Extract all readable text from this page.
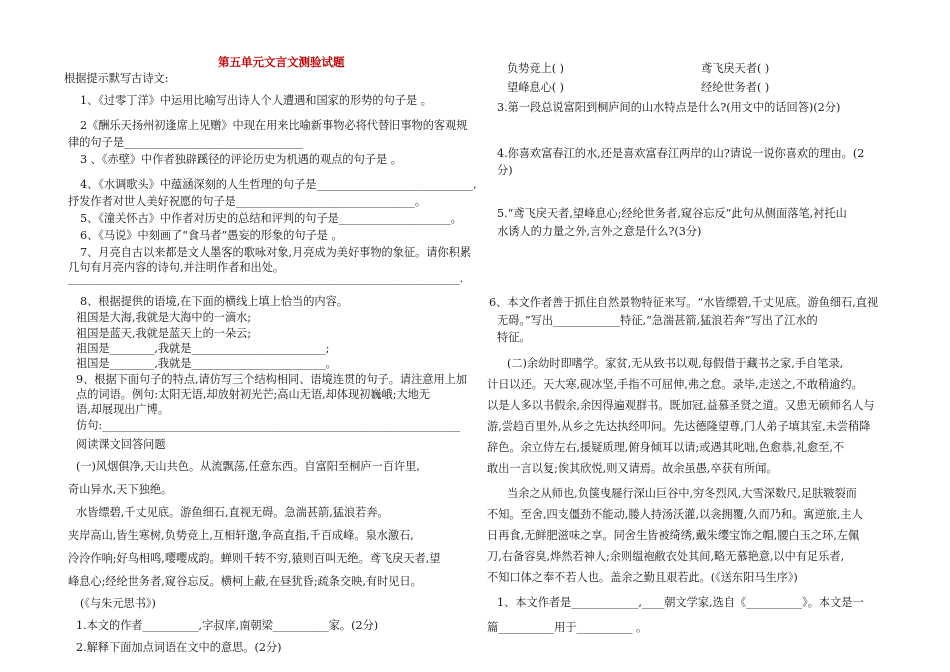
第五单元文言文测验试题
根据提示默写古诗文:
1、《过零丁洋》中运用比喻写出诗人个人遭遇和国家的形势的句子是 。
2《酬乐天扬州初逢席上见赠》中现在用来比喻新事物必将代替旧事物的客观规
律的句子是________________________________
3 、《赤壁》中作者独辟蹊径的评论历史为机遇的观点的句子是 。
4、《水调歌头》中蕴涵深刻的人生哲理的句子是____________________________,
抒发作者对世人美好祝愿的句子是________________________________。
5、《潼关怀古》中作者对历史的总结和评判的句子是____________________。
6、《马说》中刻画了“食马者”愚妄的形象的句子是 。
7、月亮自古以来都是文人墨客的歌咏对象,月亮成为美好事物的象征。请你积累
几句有月亮内容的诗句,并注明作者和出处。
______________________________________________________________________.
8、根据提供的语境,在下面的横线上填上恰当的内容。
祖国是大海,我就是大海中的一滴水;
祖国是蓝天,我就是蓝天上的一朵云;
祖国是________,我就是________________________;
祖国是________,我就是________________________。
9、根据下面句子的特点,请仿写三个结构相同、语境连贯的句子。请注意用上加
点的词语。例句:太阳无语,却放射初光芒;高山无语,却体现初巍峨;大地无
语,却展现出广博。
仿句:________________________________________________________________
阅读课文回答问题
(一)风烟俱净,天山共色。从流飘荡,任意东西。自富阳至桐庐一百许里,
奇山异水,天下独绝。
水皆缥碧,千丈见底。游鱼细石,直视无碍。急湍甚箭,猛浪若奔。
夹岸高山,皆生寒树,负势竞上,互相轩邈,争高直指,千百成峰。泉水激石,
泠泠作响;好鸟相鸣,嘤嘤成韵。蝉则千转不穷,猿则百叫无绝。鸢飞戾天者,望
峰息心;经纶世务者,窥谷忘反。横柯上蔽,在昼犹昏;疏条交映,有时见日。
(《与朱元思书》)
1.本文的作者__________,字叔庠,南朝梁__________家。(2分)
2.解释下面加点词语在文中的意思。(2分)
负势竞上( )	鸢飞戾天者( )
望峰息心( )	经纶世务者( )
3.第一段总说富阳到桐庐间的山水特点是什么?(用文中的话回答)(2分)
4.你喜欢富春江的水,还是喜欢富春江两岸的山?请说一说你喜欢的理由。(2
分)
5.“鸢飞戾天者,望峰息心;经纶世务者,窥谷忘反”此句从侧面落笔,衬托山
水诱人的力量之外,言外之意是什么?(3分)
6、本文作者善于抓住自然景物特征来写。“水皆缥碧,千丈见底。游鱼细石,直视
无碍。”写出____________特征,“急湍甚箭,猛浪若奔”写出了江水的
特征。
(二)余幼时即嗜学。家贫,无从致书以观,每假借于藏书之家,手自笔录,
计日以还。天大寒,砚冰坚,手指不可屈伸,弗之怠。录毕,走送之,不敢稍逾约。
以是人多以书假余,余因得遍观群书。既加冠,益慕圣贤之道。又患无硕师名人与
游,尝趋百里外,从乡之先达执经叩问。先达德隆望尊,门人弟子填其室,未尝稍降
辞色。余立侍左右,援疑质理,俯身倾耳以请;或遇其叱咄,色愈恭,礼愈至,不
敢出一言以复;俟其欣悦,则又请焉。故余虽愚,卒获有所闻。
当余之从师也,负箧曳屣行深山巨谷中,穷冬烈风,大雪深数尺,足肤皲裂而
不知。至舍,四支僵劲不能动,媵人持汤沃灌,以衾拥覆,久而乃和。寓逆旅,主人
日再食,无鲜肥滋味之享。同舍生皆被绮绣,戴朱缨宝饰之帽,腰白玉之环,左佩
刀,右备容臭,烨然若神人;余则缊袍敝衣处其间,略无慕艳意,以中有足乐者,
不知口体之奉不若人也。盖余之勤且艰若此。(《送东阳马生序》)
1、本文作者是____________,____朝文学家,选自《__________》。本文是一
篇__________用于__________ 。
